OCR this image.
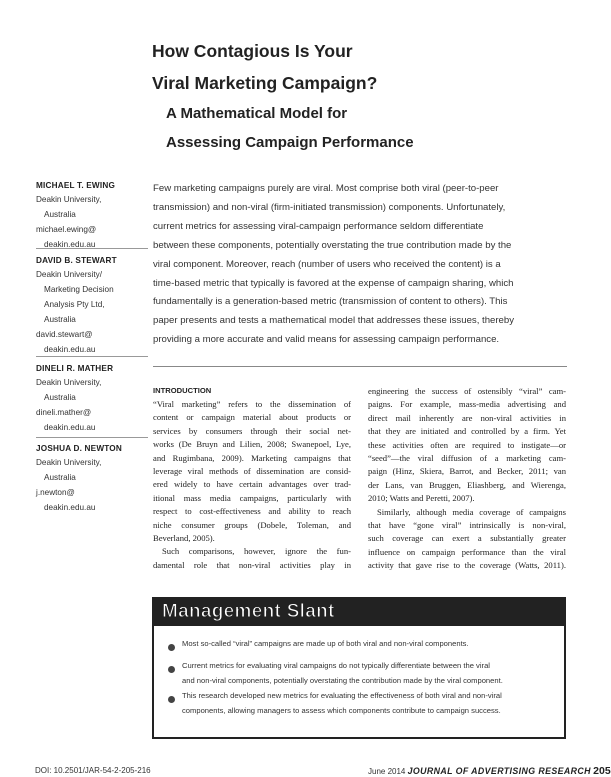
How Contagious Is Your
Viral Marketing Campaign?
A Mathematical Model for
Assessing Campaign Performance
MICHAEL T. EWING
Deakin University,
Australia
michael.ewing@
deakin.edu.au
DAVID B. STEWART
Deakin University/
Marketing Decision
Analysis Pty Ltd,
Australia
david.stewart@
deakin.edu.au
DINELI R. MATHER
Deakin University,
Australia
dineli.mather@
deakin.edu.au
JOSHUA D. NEWTON
Deakin University,
Australia
j.newton@
deakin.edu.au
Few marketing campaigns purely are viral. Most comprise both viral (peer-to-peer
transmission) and non-viral (firm-initiated transmission) components. Unfortunately,
current metrics for assessing viral-campaign performance seldom differentiate
between these components, potentially overstating the true contribution made by the
viral component. Moreover, reach (number of users who received the content) is a
time-based metric that typically is favored at the expense of campaign sharing, which
fundamentally is a generation-based metric (transmission of content to others). This
paper presents and tests a mathematical model that addresses these issues, thereby
providing a more accurate and valid means for assessing campaign performance.
INTRODUCTION
“Viral marketing” refers to the dissemination of
content or campaign material about products or
services by consumers through their social net-
works (De Bruyn and Lilien, 2008; Swanepoel, Lye,
and Rugimbana, 2009). Marketing campaigns that
leverage viral methods of dissemination are consid-
ered widely to have certain advantages over trad-
itional mass media campaigns, particularly with
respect to cost-effectiveness and ability to reach
niche consumer groups (Dobele, Toleman, and
Beverland, 2005).
Such comparisons, however, ignore the fun-
damental role that non-viral activities play in
engineering the success of ostensibly “viral” cam-
paigns. For example, mass-media advertising and
direct mail inherently are non-viral activities in
that they are initiated and controlled by a firm. Yet
these activities often are required to instigate—or
“seed”—the viral diffusion of a marketing cam-
paign (Hinz, Skiera, Barrot, and Becker, 2011; van
der Lans, van Bruggen, Eliashberg, and Wierenga,
2010; Watts and Peretti, 2007).
Similarly, although media coverage of campaigns
that have “gone viral” intrinsically is non-viral,
such coverage can exert a substantially greater
influence on campaign performance than the viral
activity that gave rise to the coverage (Watts, 2011).
Management Slant
Most so-called “viral” campaigns are made up of both viral and non-viral components.
Current metrics for evaluating viral campaigns do not typically differentiate between the viral
and non-viral components, potentially overstating the contribution made by the viral component.
This research developed new metrics for evaluating the effectiveness of both viral and non-viral
components, allowing managers to assess which components contribute to campaign success.
DOI: 10.2501/JAR-54-2-205-216	June 2014 JOURNAL OF ADVERTISING RESEARCH 205
